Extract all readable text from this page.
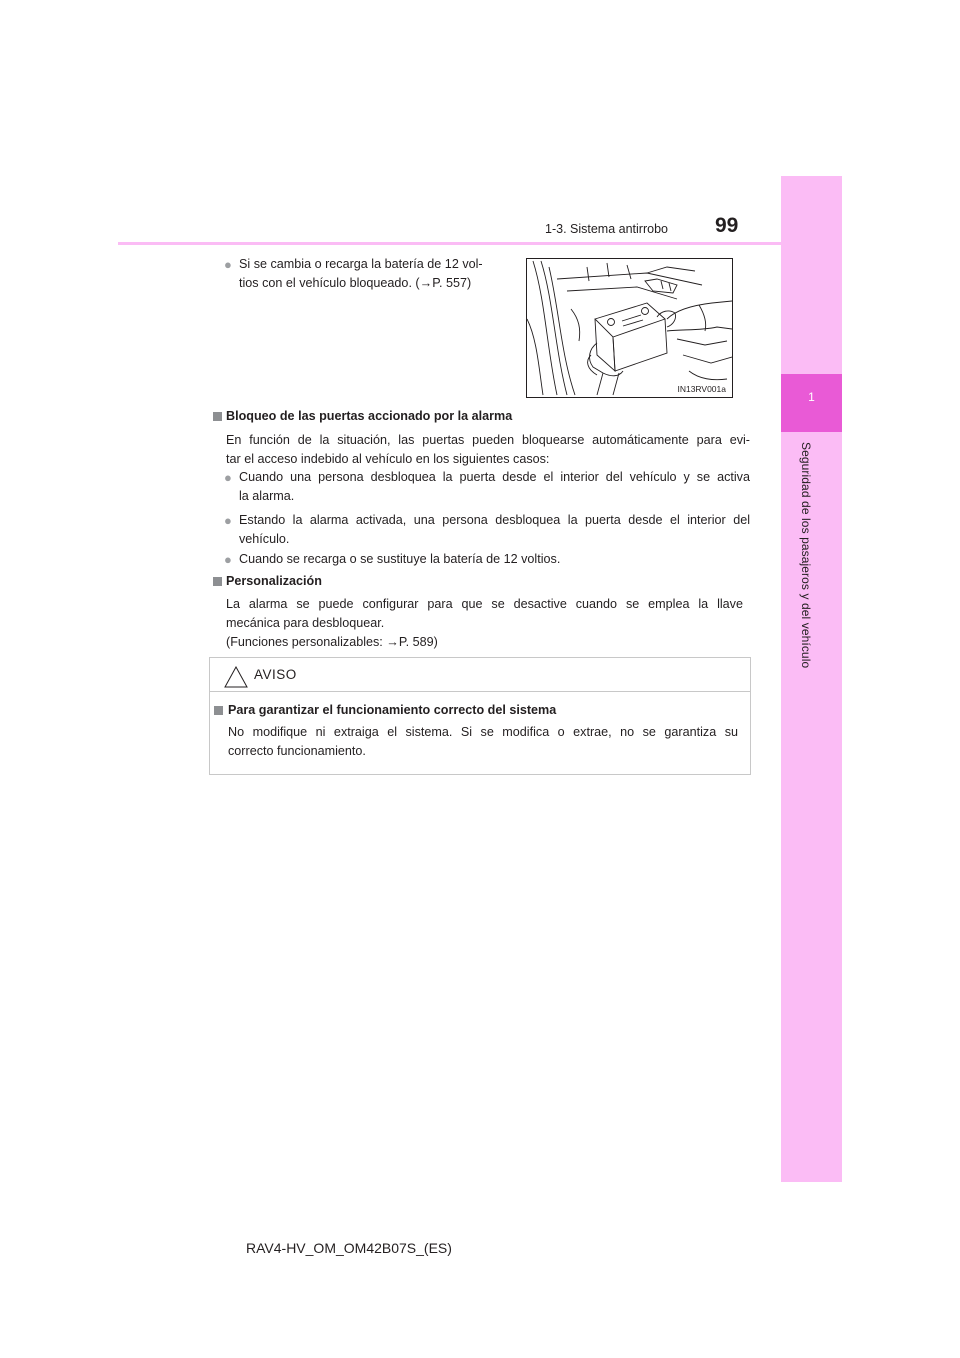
1
Seguridad de los pasajeros y del vehículo
1-3. Sistema antirrobo 99
● Si se cambia o recarga la batería de 12 vol-
tios con el vehículo bloqueado. (→P. 557)
IN13RV001a
Bloqueo de las puertas accionado por la alarma
En función de la situación, las puertas pueden bloquearse automáticamente para evi-
tar el acceso indebido al vehículo en los siguientes casos:
● Cuando una persona desbloquea la puerta desde el interior del vehículo y se activa
la alarma.
● Estando la alarma activada, una persona desbloquea la puerta desde el interior del
vehículo.
● Cuando se recarga o se sustituye la batería de 12 voltios.
Personalización
La alarma se puede configurar para que se desactive cuando se emplea la llave
mecánica para desbloquear.
(Funciones personalizables: →P. 589)
AVISO
Para garantizar el funcionamiento correcto del sistema
No modifique ni extraiga el sistema. Si se modifica o extrae, no se garantiza su
correcto funcionamiento.
RAV4-HV_OM_OM42B07S_(ES)
